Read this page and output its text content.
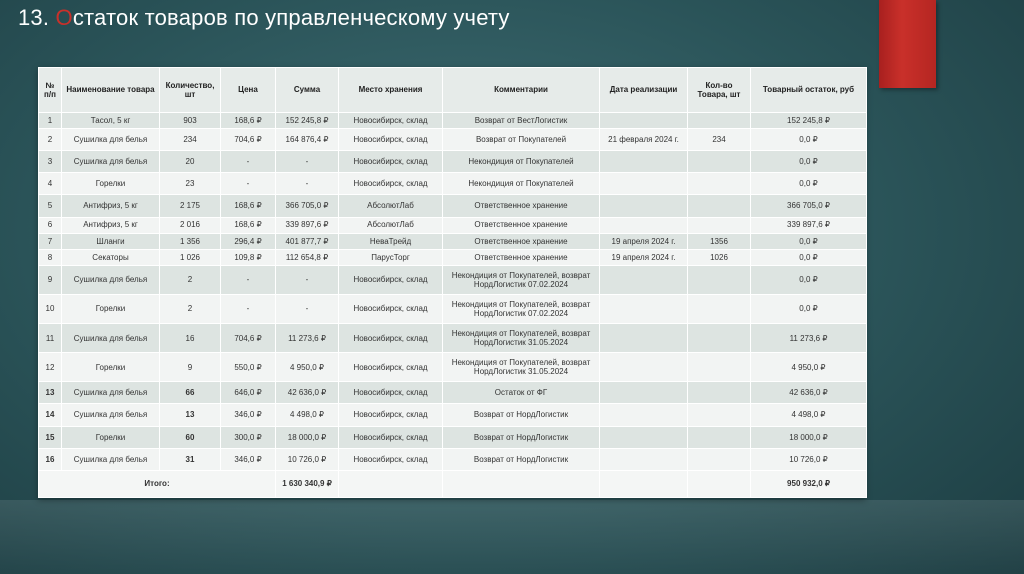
13. Остаток товаров по управленческому учету
№ п/п	Наименование товара	Количество, шт	Цена	Сумма	Место хранения	Комментарии	Дата реализации	Кол-во Товара, шт	Товарный остаток, руб
1	Тасол, 5 кг	903	168,6 ₽	152 245,8 ₽	Новосибирск, склад	Возврат от ВестЛогистик			152 245,8 ₽
2	Сушилка для белья	234	704,6 ₽	164 876,4 ₽	Новосибирск, склад	Возврат от Покупателей	21 февраля 2024 г.	234	0,0 ₽
3	Сушилка для белья	20	-	-	Новосибирск, склад	Некондиция от Покупателей			0,0 ₽
4	Горелки	23	-	-	Новосибирск, склад	Некондиция от Покупателей			0,0 ₽
5	Антифриз, 5 кг	2 175	168,6 ₽	366 705,0 ₽	АбсолютЛаб	Ответственное хранение			366 705,0 ₽
6	Антифриз, 5 кг	2 016	168,6 ₽	339 897,6 ₽	АбсолютЛаб	Ответственное хранение			339 897,6 ₽
7	Шланги	1 356	296,4 ₽	401 877,7 ₽	НеваТрейд	Ответственное хранение	19 апреля 2024 г.	1356	0,0 ₽
8	Секаторы	1 026	109,8 ₽	112 654,8 ₽	ПарусТорг	Ответственное хранение	19 апреля 2024 г.	1026	0,0 ₽
9	Сушилка для белья	2	-	-	Новосибирск, склад	Некондиция от Покупателей, возврат НордЛогистик 07.02.2024			0,0 ₽
10	Горелки	2	-	-	Новосибирск, склад	Некондиция от Покупателей, возврат НордЛогистик 07.02.2024			0,0 ₽
11	Сушилка для белья	16	704,6 ₽	11 273,6 ₽	Новосибирск, склад	Некондиция от Покупателей, возврат НордЛогистик 31.05.2024			11 273,6 ₽
12	Горелки	9	550,0 ₽	4 950,0 ₽	Новосибирск, склад	Некондиция от Покупателей, возврат НордЛогистик 31.05.2024			4 950,0 ₽
13	Сушилка для белья	66	646,0 ₽	42 636,0 ₽	Новосибирск, склад	Остаток от ФГ			42 636,0 ₽
14	Сушилка для белья	13	346,0 ₽	4 498,0 ₽	Новосибирск, склад	Возврат от НордЛогистик			4 498,0 ₽
15	Горелки	60	300,0 ₽	18 000,0 ₽	Новосибирск, склад	Возврат от НордЛогистик			18 000,0 ₽
16	Сушилка для белья	31	346,0 ₽	10 726,0 ₽	Новосибирск, склад	Возврат от НордЛогистик			10 726,0 ₽
Итого:				1 630 340,9 ₽					950 932,0 ₽
